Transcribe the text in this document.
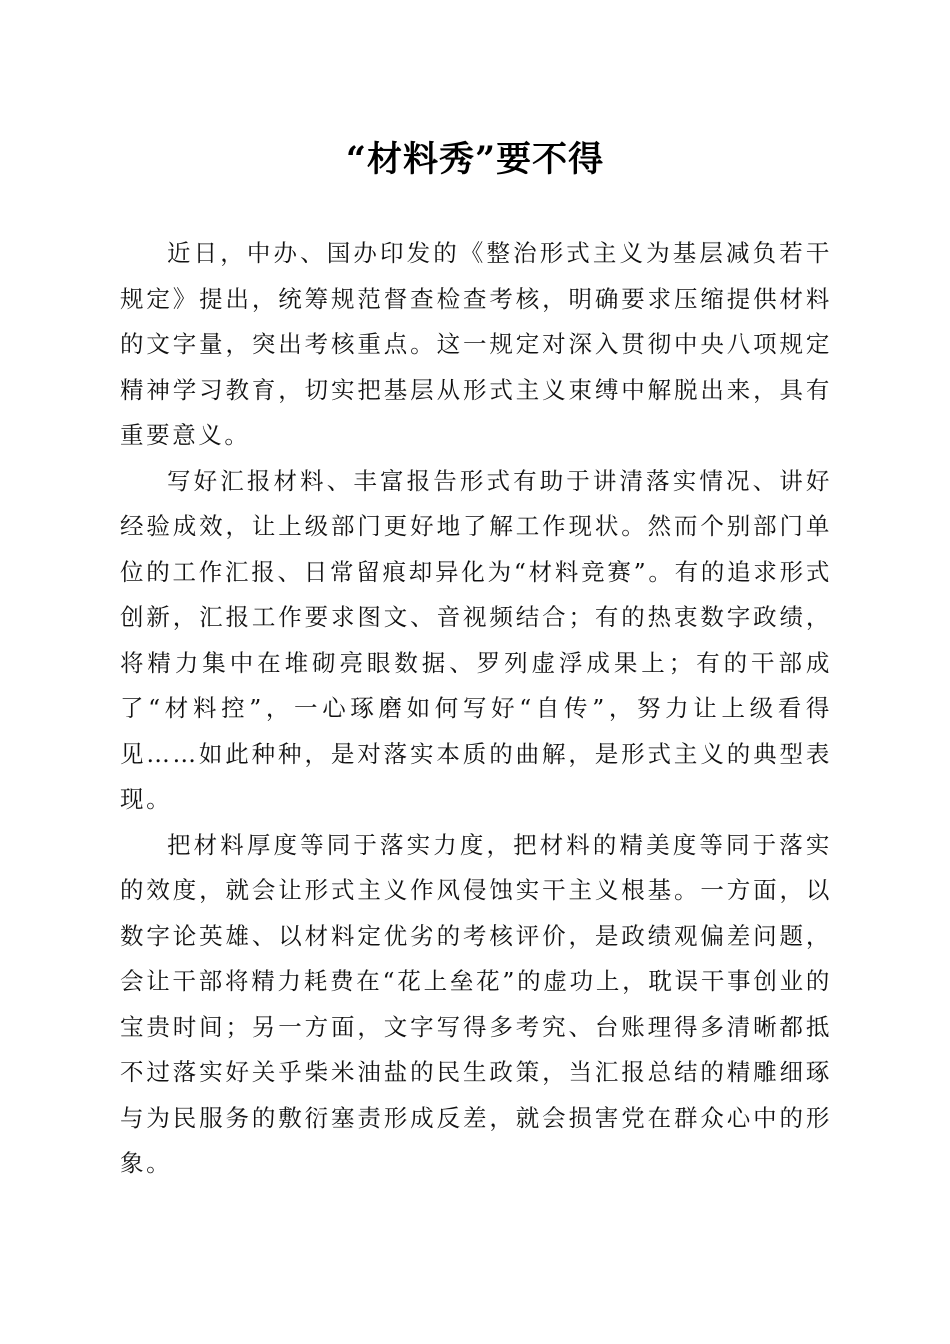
“材料秀”要不得

近日，中办、国办印发的《整治形式主义为基层减负若干规定》提出，统筹规范督查检查考核，明确要求压缩提供材料的文字量，突出考核重点。这一规定对深入贯彻中央八项规定精神学习教育，切实把基层从形式主义束缚中解脱出来，具有重要意义。

写好汇报材料、丰富报告形式有助于讲清落实情况、讲好经验成效，让上级部门更好地了解工作现状。然而个别部门单位的工作汇报、日常留痕却异化为“材料竞赛”。有的追求形式创新，汇报工作要求图文、音视频结合；有的热衷数字政绩，将精力集中在堆砌亮眼数据、罗列虚浮成果上；有的干部成了“材料控”，一心琢磨如何写好“自传”，努力让上级看得见……如此种种，是对落实本质的曲解，是形式主义的典型表现。

把材料厚度等同于落实力度，把材料的精美度等同于落实的效度，就会让形式主义作风侵蚀实干主义根基。一方面，以数字论英雄、以材料定优劣的考核评价，是政绩观偏差问题，会让干部将精力耗费在“花上垒花”的虚功上，耽误干事创业的宝贵时间；另一方面，文字写得多考究、台账理得多清晰都抵不过落实好关乎柴米油盐的民生政策，当汇报总结的精雕细琢与为民服务的敷衍塞责形成反差，就会损害党在群众心中的形象。
